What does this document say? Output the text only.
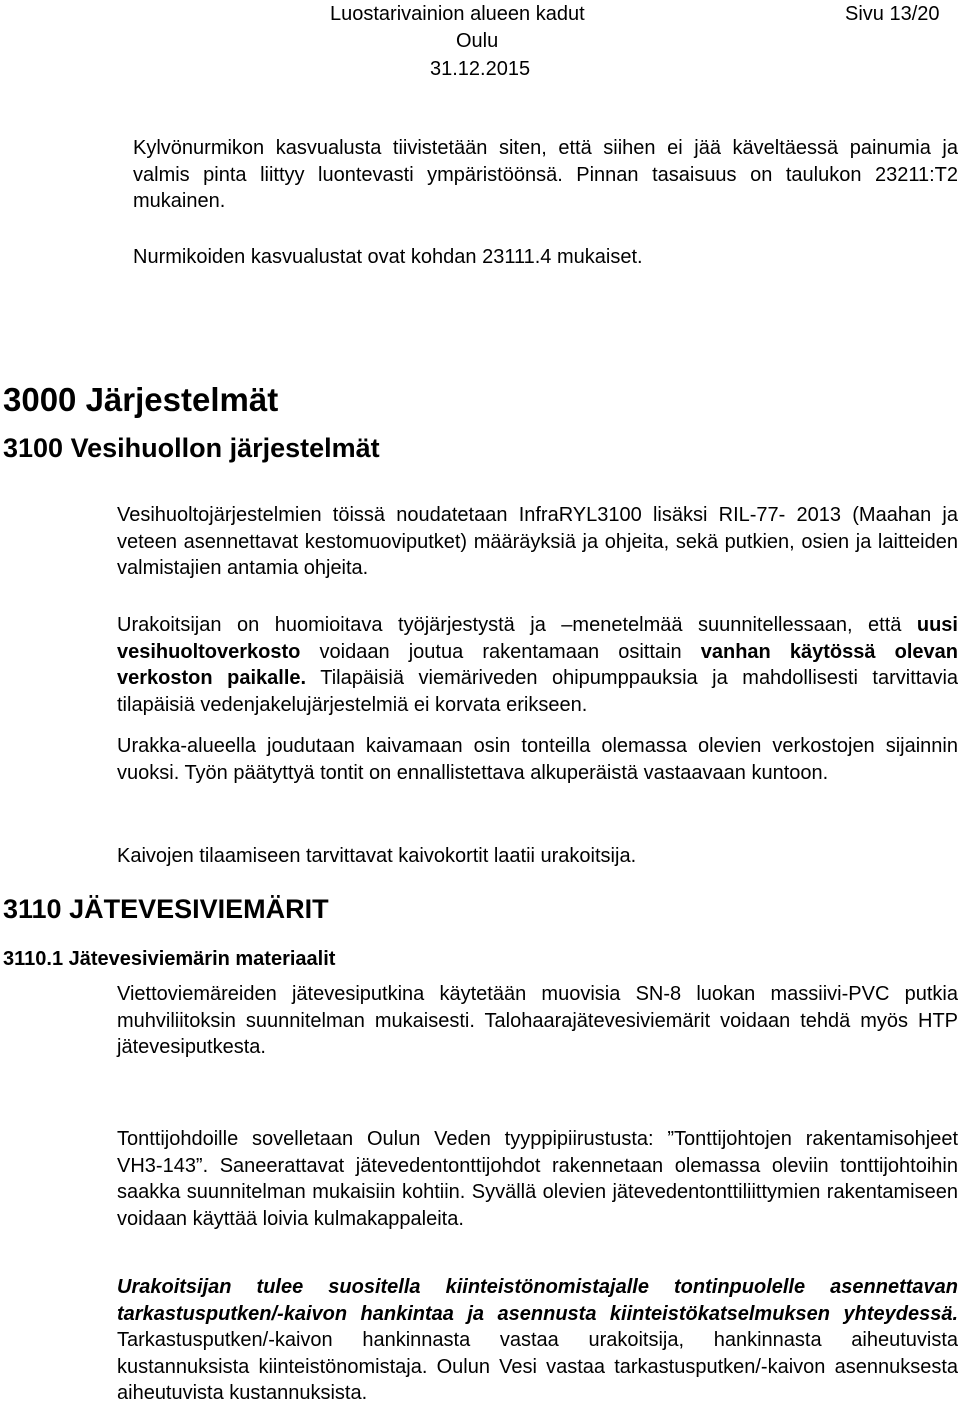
Luostarivainion alueen kadut	Sivu 13/20
Oulu
31.12.2015

Kylvönurmikon kasvualusta tiivistetään siten, että siihen ei jää käveltäessä painumia ja valmis pinta liittyy luontevasti ympäristöönsä. Pinnan tasaisuus on taulukon 23211:T2 mukainen.

Nurmikoiden kasvualustat ovat kohdan 23111.4 mukaiset.

3000 Järjestelmät
3100 Vesihuollon järjestelmät

Vesihuoltojärjestelmien töissä noudatetaan InfraRYL3100 lisäksi RIL-77- 2013 (Maahan ja veteen asennettavat kestomuoviputket) määräyksiä ja ohjeita, sekä putkien, osien ja laitteiden valmistajien antamia ohjeita.

Urakoitsijan on huomioitava työjärjestystä ja –menetelmää suunnitellessaan, että uusi vesihuoltoverkosto voidaan joutua rakentamaan osittain vanhan käytössä olevan verkoston paikalle. Tilapäisiä viemäriveden ohipumppauksia ja mahdollisesti tarvittavia tilapäisiä vedenjakelujärjestelmiä ei korvata erikseen.

Urakka-alueella joudutaan kaivamaan osin tonteilla olemassa olevien verkostojen sijainnin vuoksi. Työn päätyttyä tontit on ennallistettava alkuperäistä vastaavaan kuntoon.

Kaivojen tilaamiseen tarvittavat kaivokortit laatii urakoitsija.

3110 JÄTEVESIVIEMÄRIT
3110.1 Jätevesiviemärin materiaalit

Viettoviemäreiden jätevesiputkina käytetään muovisia SN-8 luokan massiivi-PVC putkia muhviliitoksin suunnitelman mukaisesti. Talohaarajätevesiviemärit voidaan tehdä myös HTP jätevesiputkesta.

Tonttijohdoille sovelletaan Oulun Veden tyyppipiirustusta: ”Tonttijohtojen rakentamisohjeet VH3-143”. Saneerattavat jätevedentonttijohdot rakennetaan olemassa oleviin tonttijohtoihin saakka suunnitelman mukaisiin kohtiin. Syvällä olevien jätevedentonttiliittymien rakentamiseen voidaan käyttää loivia kulmakappaleita.

Urakoitsijan tulee suositella kiinteistönomistajalle tontinpuolelle asennettavan tarkastusputken/-kaivon hankintaa ja asennusta kiinteistökatselmuksen yhteydessä. Tarkastusputken/-kaivon hankinnasta vastaa urakoitsija, hankinnasta aiheutuvista kustannuksista kiinteistönomistaja. Oulun Vesi vastaa tarkastusputken/-kaivon asennuksesta aiheutuvista kustannuksista.
